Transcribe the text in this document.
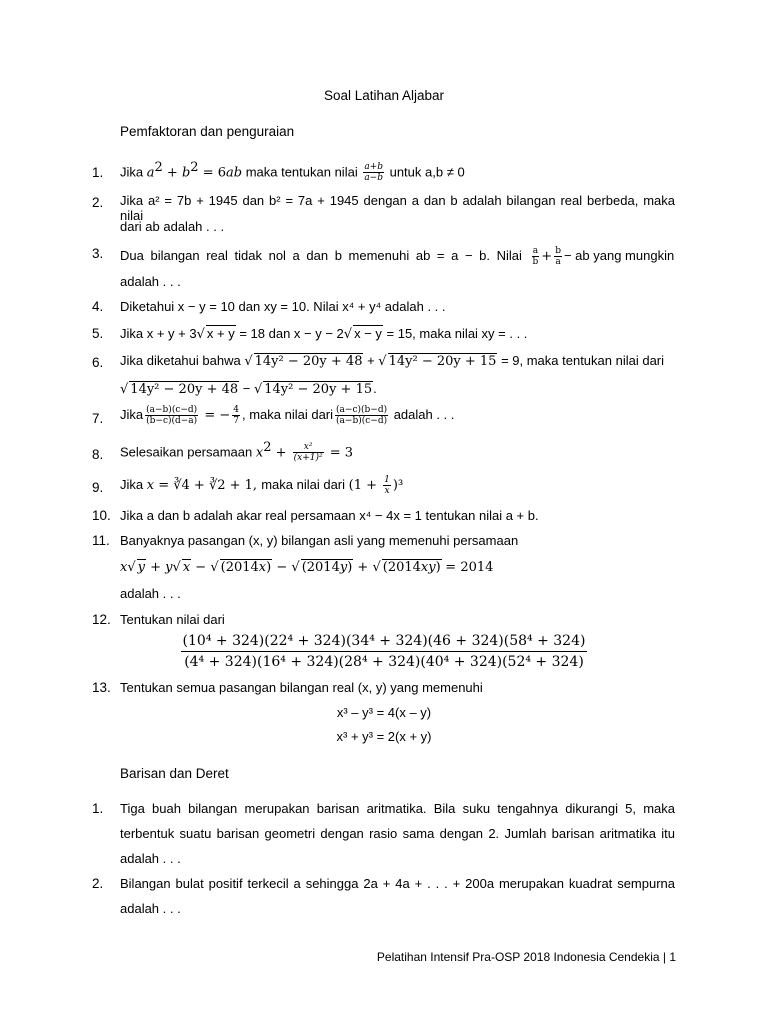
Soal Latihan Aljabar
Pemfaktoran dan penguraian
1. Jika $a^2 + b^2 = 6ab$ maka tentukan nilai $\frac{a+b}{a-b}$ untuk a,b ≠ 0
2. Jika a² = 7b + 1945 dan b² = 7a + 1945 dengan a dan b adalah bilangan real berbeda, maka nilai
dari ab adalah . . .
3. Dua bilangan real tidak nol a dan b memenuhi ab = a − b. Nilai $\frac{a}{b} + \frac{b}{a}$ − ab yang mungkin
adalah . . .
4. Diketahui x − y = 10 dan xy = 10. Nilai x⁴ + y⁴ adalah . . .
5. Jika x + y + 3√ x + y = 18 dan x − y − 2√ x − y = 15, maka nilai xy = . . .
6. Jika diketahui bahwa √ 14y² − 20y + 48 + √ 14y² − 20y + 15 = 9, maka tentukan nilai dari
√ 14y² − 20y + 48 − √ 14y² − 20y + 15.
7. Jika $\frac{(a-b)(c-d)}{(b-c)(d-a)}$ = − $\frac{4}{7}$ , maka nilai dari $\frac{(a-c)(b-d)}{(a-b)(c-d)}$ adalah . . .
8. Selesaikan persamaan $x^2 + \frac{\text{x²}}{\text{(x+1)²}} = 3$
9. Jika x = ∛4 + ∛2 + 1, maka nilai dari $(1 + \frac{1}{x} )^3$
10. Jika a dan b adalah akar real persamaan x⁴ − 4x = 1 tentukan nilai a + b.
11. Banyaknya pasangan (x, y) bilangan asli yang memenuhi persamaan
x√ y + y√ x − √ (2014x) − √ (2014y) + √ (2014xy) = 2014
adalah . . .
12. Tentukan nilai dari
$\frac{\text{(10⁴ + 324)(22⁴ + 324)(34⁴ + 324)(46 + 324)(58⁴ + 324)}}{\text{(4⁴ + 324)(16⁴ + 324)(28⁴ + 324)(40⁴ + 324)(52⁴ + 324)}}$
13. Tentukan semua pasangan bilangan real (x, y) yang memenuhi
x³ – y³ = 4(x – y)
x³ + y³ = 2(x + y)
Barisan dan Deret
1. Tiga buah bilangan merupakan barisan aritmatika. Bila suku tengahnya dikurangi 5, maka
terbentuk suatu barisan geometri dengan rasio sama dengan 2. Jumlah barisan aritmatika itu
adalah . . .
2. Bilangan bulat positif terkecil a sehingga 2a + 4a + . . . + 200a merupakan kuadrat sempurna
adalah . . .
Pelatihan Intensif Pra-OSP 2018 Indonesia Cendekia | 1
